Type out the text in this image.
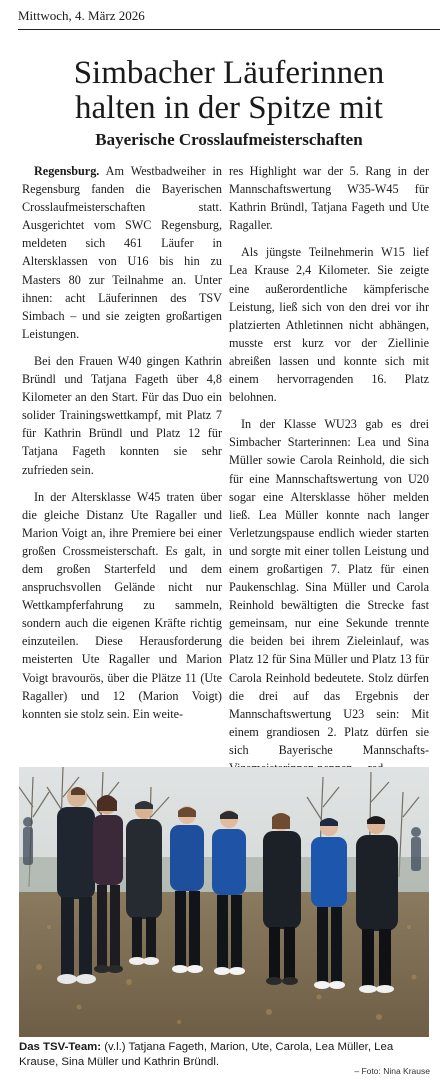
Mittwoch, 4. März 2026
Simbacher Läuferinnen
halten in der Spitze mit
Bayerische Crosslaufmeisterschaften

Regensburg. Am Westbadweiher in Regensburg fanden die Bayerischen Crosslaufmeisterschaften statt. Ausgerichtet vom SWC Regensburg, meldeten sich 461 Läufer in Altersklassen von U16 bis hin zu Masters 80 zur Teilnahme an. Unter ihnen: acht Läuferinnen des TSV Simbach – und sie zeigten großartigen Leistungen.

Bei den Frauen W40 gingen Kathrin Bründl und Tatjana Fageth über 4,8 Kilometer an den Start. Für das Duo ein solider Trainingswettkampf, mit Platz 7 für Kathrin Bründl und Platz 12 für Tatjana Fageth konnten sie sehr zufrieden sein.

In der Altersklasse W45 traten über die gleiche Distanz Ute Ragaller und Marion Voigt an, ihre Premiere bei einer großen Crossmeisterschaft. Es galt, in dem großen Starterfeld und dem anspruchsvollen Gelände nicht nur Wettkampferfahrung zu sammeln, sondern auch die eigenen Kräfte richtig einzuteilen. Diese Herausforderung meisterten Ute Ragaller und Marion Voigt bravourös, über die Plätze 11 (Ute Ragaller) und 12 (Marion Voigt) konnten sie stolz sein. Ein weite-

res Highlight war der 5. Rang in der Mannschaftswertung W35-W45 für Kathrin Bründl, Tatjana Fageth und Ute Ragaller.

Als jüngste Teilnehmerin W15 lief Lea Krause 2,4 Kilometer. Sie zeigte eine außerordentliche kämpferische Leistung, ließ sich von den drei vor ihr platzierten Athletinnen nicht abhängen, musste erst kurz vor der Ziellinie abreißen lassen und konnte sich mit einem hervorragenden 16. Platz belohnen.

In der Klasse WU23 gab es drei Simbacher Starterinnen: Lea und Sina Müller sowie Carola Reinhold, die sich für eine Mannschaftswertung von U20 sogar eine Altersklasse höher melden ließ. Lea Müller konnte nach langer Verletzungspause endlich wieder starten und sorgte mit einer tollen Leistung und einem großartigen 7. Platz für einen Paukenschlag. Sina Müller und Carola Reinhold bewältigten die Strecke fast gemeinsam, nur eine Sekunde trennte die beiden bei ihrem Zieleinlauf, was Platz 12 für Sina Müller und Platz 13 für Carola Reinhold bedeutete. Stolz dürfen die drei auf das Ergebnis der Mannschaftswertung U23 sein: Mit einem grandiosen 2. Platz dürfen sie sich Bayerische Mannschafts-

Das TSV-Team: (v.l.) Tatjana Fageth, Marion, Ute, Carola, Lea Müller, Lea Krause, Sina Müller und Kathrin Bründl.
– Foto: Nina Krause
